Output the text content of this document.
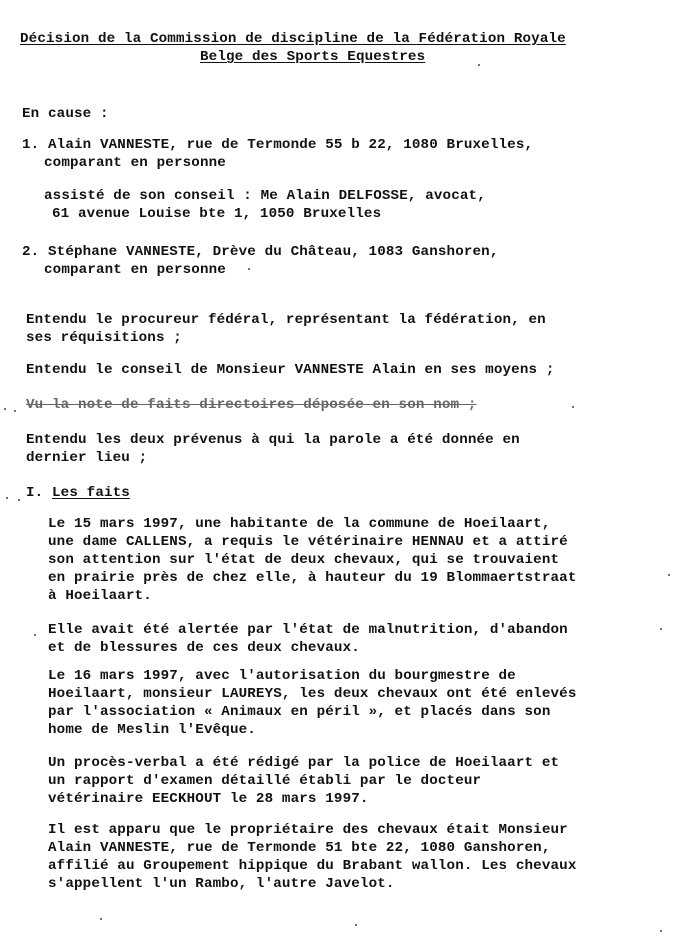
Décision de la Commission de discipline de la Fédération Royale
Belge des Sports Equestres
En cause :
1. Alain VANNESTE, rue de Termonde 55 b 22, 1080 Bruxelles,
comparant en personne
assisté de son conseil : Me Alain DELFOSSE, avocat,
61 avenue Louise bte 1, 1050 Bruxelles
2. Stéphane VANNESTE, Drève du Château, 1083 Ganshoren,
comparant en personne
Entendu le procureur fédéral, représentant la fédération, en
ses réquisitions ;
Entendu le conseil de Monsieur VANNESTE Alain en ses moyens ;
Vu la note de faits directoires déposée en son nom ;
Entendu les deux prévenus à qui la parole a été donnée en
dernier lieu ;
I. Les faits
Le 15 mars 1997, une habitante de la commune de Hoeilaart,
une dame CALLENS, a requis le vétérinaire HENNAU et a attiré
son attention sur l'état de deux chevaux, qui se trouvaient
en prairie près de chez elle, à hauteur du 19 Blommaertstraat
à Hoeilaart.
Elle avait été alertée par l'état de malnutrition, d'abandon
et de blessures de ces deux chevaux.
Le 16 mars 1997, avec l'autorisation du bourgmestre de
Hoeilaart, monsieur LAUREYS, les deux chevaux ont été enlevés
par l'association « Animaux en péril », et placés dans son
home de Meslin l'Evêque.
Un procès-verbal a été rédigé par la police de Hoeilaart et
un rapport d'examen détaillé établi par le docteur
vétérinaire EECKHOUT le 28 mars 1997.
Il est apparu que le propriétaire des chevaux était Monsieur
Alain VANNESTE, rue de Termonde 51 bte 22, 1080 Ganshoren,
affilié au Groupement hippique du Brabant wallon. Les chevaux
s'appellent l'un Rambo, l'autre Javelot.
